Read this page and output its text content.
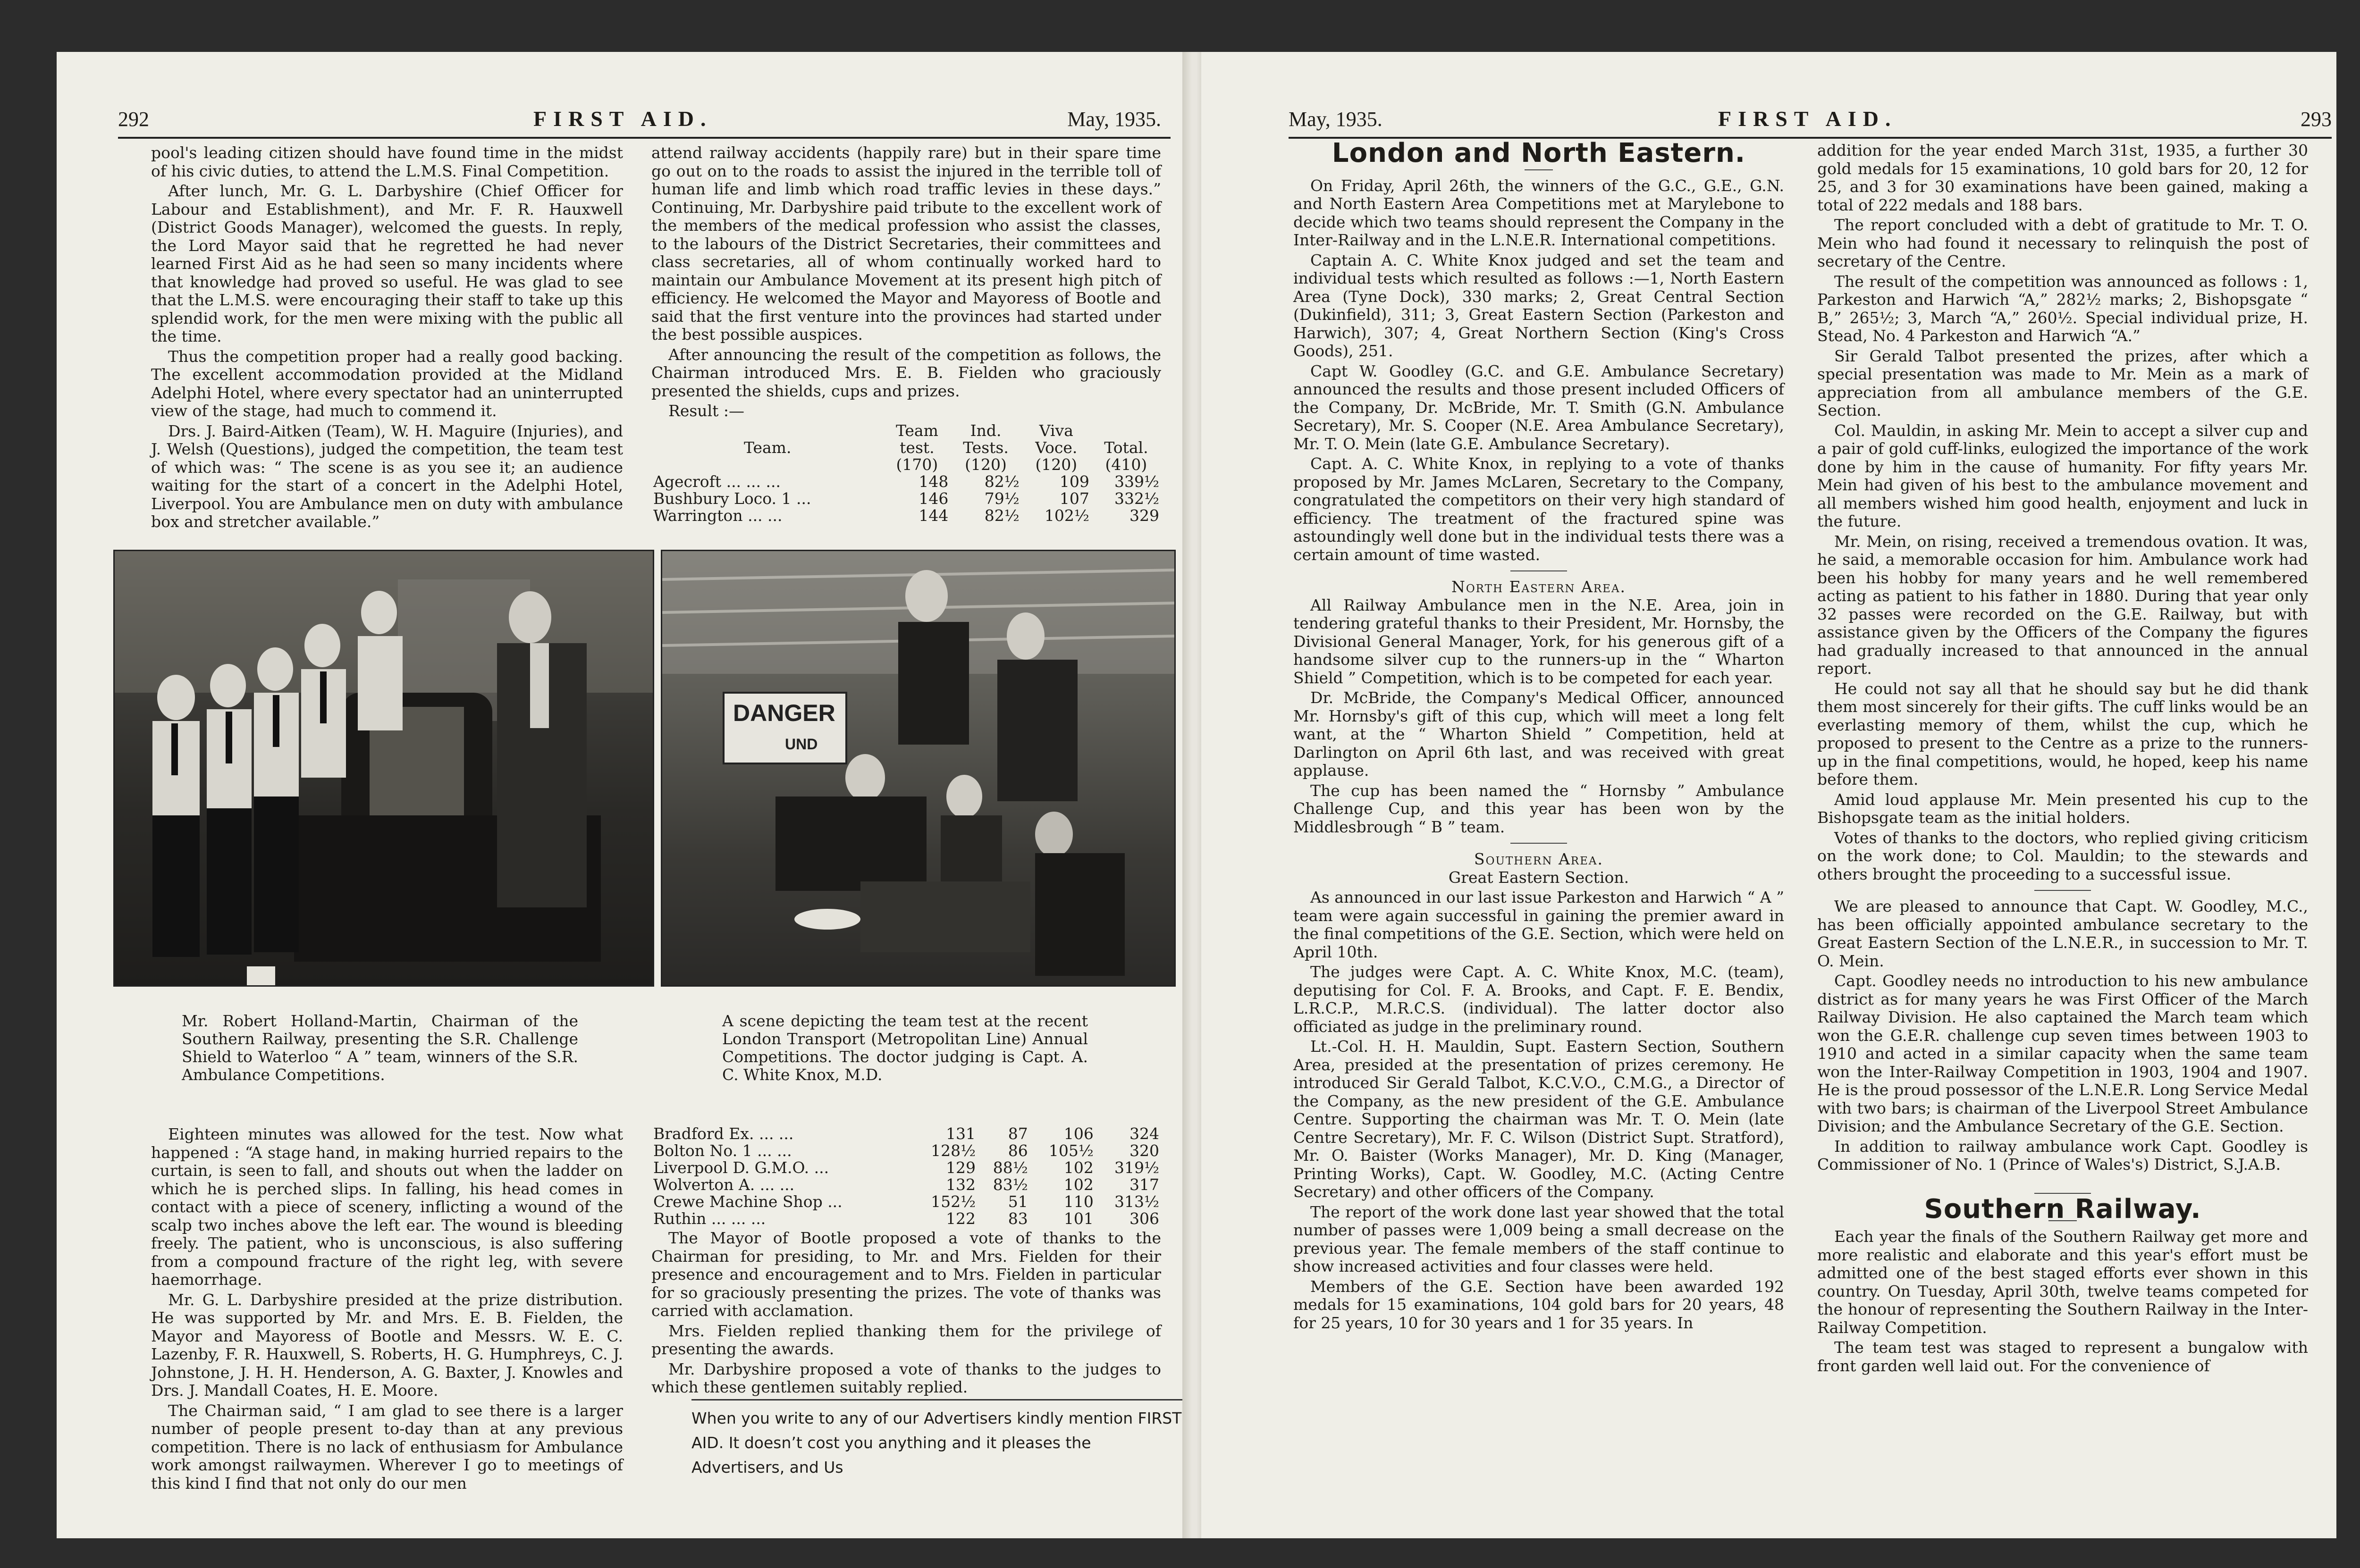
292	FIRST AID.	May, 1935.

pool's leading citizen should have found time in the midst of his civic duties, to attend the L.M.S. Final Competition.

After lunch, Mr. G. L. Darbyshire (Chief Officer for Labour and Establishment), and Mr. F. R. Hauxwell (District Goods Manager), welcomed the guests. In reply, the Lord Mayor said that he regretted he had never learned First Aid as he had seen so many incidents where that knowledge had proved so useful. He was glad to see that the L.M.S. were encouraging their staff to take up this splendid work, for the men were mixing with the public all the time.

Thus the competition proper had a really good backing. The excellent accommodation provided at the Midland Adelphi Hotel, where every spectator had an uninterrupted view of the stage, had much to commend it.

Drs. J. Baird-Aitken (Team), W. H. Maguire (Injuries), and J. Welsh (Questions), judged the competition, the team test of which was: “ The scene is as you see it; an audience waiting for the start of a concert in the Adelphi Hotel, Liverpool. You are Ambulance men on duty with ambulance box and stretcher available.”

attend railway accidents (happily rare) but in their spare time go out on to the roads to assist the injured in the terrible toll of human life and limb which road traffic levies in these days.” Continuing, Mr. Darbyshire paid tribute to the excellent work of the members of the medical profession who assist the classes, to the labours of the District Secretaries, their committees and class secretaries, all of whom continually worked hard to maintain our Ambulance Movement at its present high pitch of efficiency. He welcomed the Mayor and Mayoress of Bootle and said that the first venture into the provinces had started under the best possible auspices.

After announcing the result of the competition as follows, the Chairman introduced Mrs. E. B. Fielden who graciously presented the shields, cups and prizes.

Result :—

	Team	Ind.	Viva	
Team.	test.	Tests.	Voce.	Total.
	(170)	(120)	(120)	(410)
Agecroft ... ... ...	148	82½	109	339½
Bushbury Loco. 1 ...	146	79½	107	332½
Warrington ... ...	144	82½	102½	329
DANGER
UND
Mr. Robert Holland-Martin, Chairman of the Southern Railway, presenting the S.R. Challenge Shield to Waterloo “ A ” team, winners of the S.R. Ambulance Competitions.
A scene depicting the team test at the recent London Transport (Metropolitan Line) Annual Competitions. The doctor judging is Capt. A. C. White Knox, M.D.

Eighteen minutes was allowed for the test. Now what happened : “A stage hand, in making hurried repairs to the curtain, is seen to fall, and shouts out when the ladder on which he is perched slips. In falling, his head comes in contact with a piece of scenery, inflicting a wound of the scalp two inches above the left ear. The wound is bleeding freely. The patient, who is unconscious, is also suffering from a compound fracture of the right leg, with severe haemorrhage.

Mr. G. L. Darbyshire presided at the prize distribution. He was supported by Mr. and Mrs. E. B. Fielden, the Mayor and Mayoress of Bootle and Messrs. W. E. C. Lazenby, F. R. Hauxwell, S. Roberts, H. G. Humphreys, C. J. Johnstone, J. H. H. Henderson, A. G. Baxter, J. Knowles and Drs. J. Mandall Coates, H. E. Moore.

The Chairman said, “ I am glad to see there is a larger number of people present to-day than at any previous competition. There is no lack of enthusiasm for Ambulance work amongst railwaymen. Wherever I go to meetings of this kind I find that not only do our men

Bradford Ex. ... ...	131	87	106	324
Bolton No. 1 ... ...	128½	86	105½	320
Liverpool D. G.M.O. ...	129	88½	102	319½
Wolverton A. ... ...	132	83½	102	317
Crewe Machine Shop ...	152½	51	110	313½
Ruthin ... ... ...	122	83	101	306

The Mayor of Bootle proposed a vote of thanks to the Chairman for presiding, to Mr. and Mrs. Fielden for their presence and encouragement and to Mrs. Fielden in particular for so graciously presenting the prizes. The vote of thanks was carried with acclamation.

Mrs. Fielden replied thanking them for the privilege of presenting the awards.

Mr. Darbyshire proposed a vote of thanks to the judges to which these gentlemen suitably replied.

When you write to any of our Advertisers kindly mention FIRST AID. It doesn’t cost you anything and it pleases the Advertisers, and Us
May, 1935.	FIRST AID.	293
London and North Eastern.

On Friday, April 26th, the winners of the G.C., G.E., G.N. and North Eastern Area Competitions met at Marylebone to decide which two teams should represent the Company in the Inter-Railway and in the L.N.E.R. International competitions.

Captain A. C. White Knox judged and set the team and individual tests which resulted as follows :—1, North Eastern Area (Tyne Dock), 330 marks; 2, Great Central Section (Dukinfield), 311; 3, Great Eastern Section (Parkeston and Harwich), 307; 4, Great Northern Section (King's Cross Goods), 251.

Capt W. Goodley (G.C. and G.E. Ambulance Secretary) announced the results and those present included Officers of the Company, Dr. McBride, Mr. T. Smith (G.N. Ambulance Secretary), Mr. S. Cooper (N.E. Area Ambulance Secretary), Mr. T. O. Mein (late G.E. Ambulance Secretary).

Capt. A. C. White Knox, in replying to a vote of thanks proposed by Mr. James McLaren, Secretary to the Company, congratulated the competitors on their very high standard of efficiency. The treatment of the fractured spine was astoundingly well done but in the individual tests there was a certain amount of time wasted.

North Eastern Area.

All Railway Ambulance men in the N.E. Area, join in tendering grateful thanks to their President, Mr. Hornsby, the Divisional General Manager, York, for his generous gift of a handsome silver cup to the runners-up in the “ Wharton Shield ” Competition, which is to be competed for each year.

Dr. McBride, the Company's Medical Officer, announced Mr. Hornsby's gift of this cup, which will meet a long felt want, at the “ Wharton Shield ” Competition, held at Darlington on April 6th last, and was received with great applause.

The cup has been named the “ Hornsby ” Ambulance Challenge Cup, and this year has been won by the Middlesbrough “ B ” team.

Southern Area.

Great Eastern Section.

As announced in our last issue Parkeston and Harwich “ A ” team were again successful in gaining the premier award in the final competitions of the G.E. Section, which were held on April 10th.

The judges were Capt. A. C. White Knox, M.C. (team), deputising for Col. F. A. Brooks, and Capt. F. E. Bendix, L.R.C.P., M.R.C.S. (individual). The latter doctor also officiated as judge in the preliminary round.

Lt.-Col. H. H. Mauldin, Supt. Eastern Section, Southern Area, presided at the presentation of prizes ceremony. He introduced Sir Gerald Talbot, K.C.V.O., C.M.G., a Director of the Company, as the new president of the G.E. Ambulance Centre. Supporting the chairman was Mr. T. O. Mein (late Centre Secretary), Mr. F. C. Wilson (District Supt. Stratford), Mr. O. Baister (Works Manager), Mr. D. King (Manager, Printing Works), Capt. W. Goodley, M.C. (Acting Centre Secretary) and other officers of the Company.

The report of the work done last year showed that the total number of passes were 1,009 being a small decrease on the previous year. The female members of the staff continue to show increased activities and four classes were held.

Members of the G.E. Section have been awarded 192 medals for 15 examinations, 104 gold bars for 20 years, 48 for 25 years, 10 for 30 years and 1 for 35 years. In

addition for the year ended March 31st, 1935, a further 30 gold medals for 15 examinations, 10 gold bars for 20, 12 for 25, and 3 for 30 examinations have been gained, making a total of 222 medals and 188 bars.

The report concluded with a debt of gratitude to Mr. T. O. Mein who had found it necessary to relinquish the post of secretary of the Centre.

The result of the competition was announced as follows : 1, Parkeston and Harwich “A,” 282½ marks; 2, Bishopsgate “ B,” 265½; 3, March “A,” 260½. Special individual prize, H. Stead, No. 4 Parkeston and Harwich “A.”

Sir Gerald Talbot presented the prizes, after which a special presentation was made to Mr. Mein as a mark of appreciation from all ambulance members of the G.E. Section.

Col. Mauldin, in asking Mr. Mein to accept a silver cup and a pair of gold cuff-links, eulogized the importance of the work done by him in the cause of humanity. For fifty years Mr. Mein had given of his best to the ambulance movement and all members wished him good health, enjoyment and luck in the future.

Mr. Mein, on rising, received a tremendous ovation. It was, he said, a memorable occasion for him. Ambulance work had been his hobby for many years and he well remembered acting as patient to his father in 1880. During that year only 32 passes were recorded on the G.E. Railway, but with assistance given by the Officers of the Company the figures had gradually increased to that announced in the annual report.

He could not say all that he should say but he did thank them most sincerely for their gifts. The cuff links would be an everlasting memory of them, whilst the cup, which he proposed to present to the Centre as a prize to the runners-up in the final competitions, would, he hoped, keep his name before them.

Amid loud applause Mr. Mein presented his cup to the Bishopsgate team as the initial holders.

Votes of thanks to the doctors, who replied giving criticism on the work done; to Col. Mauldin; to the stewards and others brought the proceeding to a successful issue.

We are pleased to announce that Capt. W. Goodley, M.C., has been officially appointed ambulance secretary to the Great Eastern Section of the L.N.E.R., in succession to Mr. T. O. Mein.

Capt. Goodley needs no introduction to his new ambulance district as for many years he was First Officer of the March Railway Division. He also captained the March team which won the G.E.R. challenge cup seven times between 1903 to 1910 and acted in a similar capacity when the same team won the Inter-Railway Competition in 1903, 1904 and 1907. He is the proud possessor of the L.N.E.R. Long Service Medal with two bars; is chairman of the Liverpool Street Ambulance Division; and the Ambulance Secretary of the G.E. Section.

In addition to railway ambulance work Capt. Goodley is Commissioner of No. 1 (Prince of Wales's) District, S.J.A.B.

Southern Railway.

Each year the finals of the Southern Railway get more and more realistic and elaborate and this year's effort must be admitted one of the best staged efforts ever shown in this country. On Tuesday, April 30th, twelve teams competed for the honour of representing the Southern Railway in the Inter-Railway Competition.

The team test was staged to represent a bungalow with front garden well laid out. For the convenience of
